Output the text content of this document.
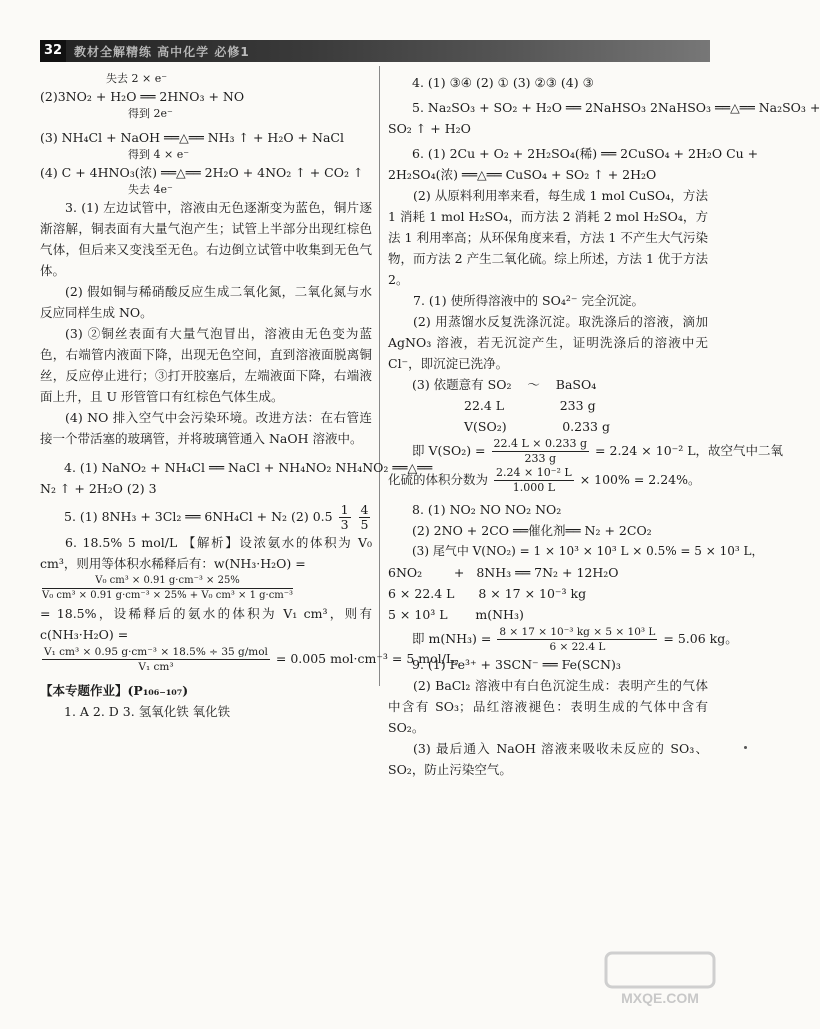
32 教材全解精练 高中化学 必修1
失去 2 × e⁻
(2)3NO₂ + H₂O ══ 2HNO₃ + NO
得到 2e⁻
(3) NH₄Cl + NaOH ══△══ NH₃ ↑ + H₂O + NaCl
得到 4 × e⁻
(4) C + 4HNO₃(浓) ══△══ 2H₂O + 4NO₂ ↑ + CO₂ ↑
失去 4e⁻
3. (1) 左边试管中，溶液由无色逐渐变为蓝色，铜片逐渐溶解，铜表面有大量气泡产生；试管上半部分出现红棕色气体，但后来又变浅至无色。右边倒立试管中收集到无色气体。
(2) 假如铜与稀硝酸反应生成二氧化氮，二氧化氮与水反应同样生成 NO。
(3) ②铜丝表面有大量气泡冒出，溶液由无色变为蓝色，右端管内液面下降，出现无色空间，直到溶液面脱离铜丝，反应停止进行；③打开胶塞后，左端液面下降，右端液面上升，且 U 形管管口有红棕色气体生成。
(4) NO 排入空气中会污染环境。改进方法：在右管连接一个带活塞的玻璃管，并将玻璃管通入 NaOH 溶液中。
4. (1) NaNO₂ + NH₄Cl ══ NaCl + NH₄NO₂ NH₄NO₂ ══△══
N₂ ↑ + 2H₂O (2) 3
5. (1) 8NH₃ + 3Cl₂ ══ 6NH₄Cl + N₂ (2) $0.5 \frac{1}{3}$
$\frac{4}{5}$
6. 18.5% 5 mol/L 【解析】设浓氨水的体积为 V₀ cm³，则用等体积水稀释后有：w(NH₃·H₂O) =
$\frac{\text{V₀ cm³ × 0.91 g·cm⁻³ × 25\%}}{\text{V₀ cm³ × 0.91 g·cm⁻³ × 25\% + V₀ cm³ × 1 g·cm⁻³}}$
= 18.5%，设稀释后的氨水的体积为 V₁ cm³，则有 c(NH₃·H₂O) =
$\frac{\text{V₁ cm³ × 0.95 g·cm⁻³ × 18.5\% ÷ 35 g/mol}}{\text{V₁ cm³}} = 0.005$ mol·cm⁻³ = 5 mol/L。
【本专题作业】(P₁₀₆₋₁₀₇)
1. A 2. D 3. 氢氧化铁 氧化铁
4. (1) ③④ (2) ① (3) ②③ (4) ③
5. Na₂SO₃ + SO₂ + H₂O ══ 2NaHSO₃ 2NaHSO₃ ══△══ Na₂SO₃ +
SO₂ ↑ + H₂O
6. (1) 2Cu + O₂ + 2H₂SO₄(稀) ══ 2CuSO₄ + 2H₂O Cu +
2H₂SO₄(浓) ══△══ CuSO₄ + SO₂ ↑ + 2H₂O
(2) 从原料利用率来看，每生成 1 mol CuSO₄，方法 1 消耗 1 mol H₂SO₄，而方法 2 消耗 2 mol H₂SO₄，方法 1 利用率高；从环保角度来看，方法 1 不产生大气污染物，而方法 2 产生二氧化硫。综上所述，方法 1 优于方法 2。
7. (1) 使所得溶液中的 SO₄²⁻ 完全沉淀。
(2) 用蒸馏水反复洗涤沉淀。取洗涤后的溶液，滴加 AgNO₃ 溶液，若无沉淀产生，证明洗涤后的溶液中无 Cl⁻，即沉淀已洗净。
(3) 依题意有 SO₂    ～    BaSO₄
22.4 L              233 g
V(SO₂)              0.233 g
即 $V(SO_2) = \frac{22.4 L \times 0.233 g}{233 g} = 2.24 \times 10^{-2}$ L，故空气中二氧
化硫的体积分数为 $\frac{\text{2.24 × 10⁻² L}}{1.000 L} \times 100\% = 2.24\%$。
8. (1) NO₂ NO NO₂ NO₂
(2) 2NO + 2CO ══催化剂══ N₂ + 2CO₂
(3) 尾气中 V(NO₂) = 1 × 10³ × 10³ L × 0.5% = 5 × 10³ L，
6NO₂        +   8NH₃ ══ 7N₂ + 12H₂O
6 × 22.4 L      8 × 17 × 10⁻³ kg
5 × 10³ L       m(NH₃)
即 $m(NH_3) = \frac{\text{8 × 17 × 10⁻³ kg × 5 × 10³ L}}{6 \times 22.4 L} = 5.06$ kg。
9. (1) Fe³⁺ + 3SCN⁻ ══ Fe(SCN)₃
(2) BaCl₂ 溶液中有白色沉淀生成：表明产生的气体中含有 SO₃；品红溶液褪色：表明生成的气体中含有 SO₂。
(3) 最后通入 NaOH 溶液来吸收未反应的 SO₃、SO₂，防止污染空气。
MXQE.COM
